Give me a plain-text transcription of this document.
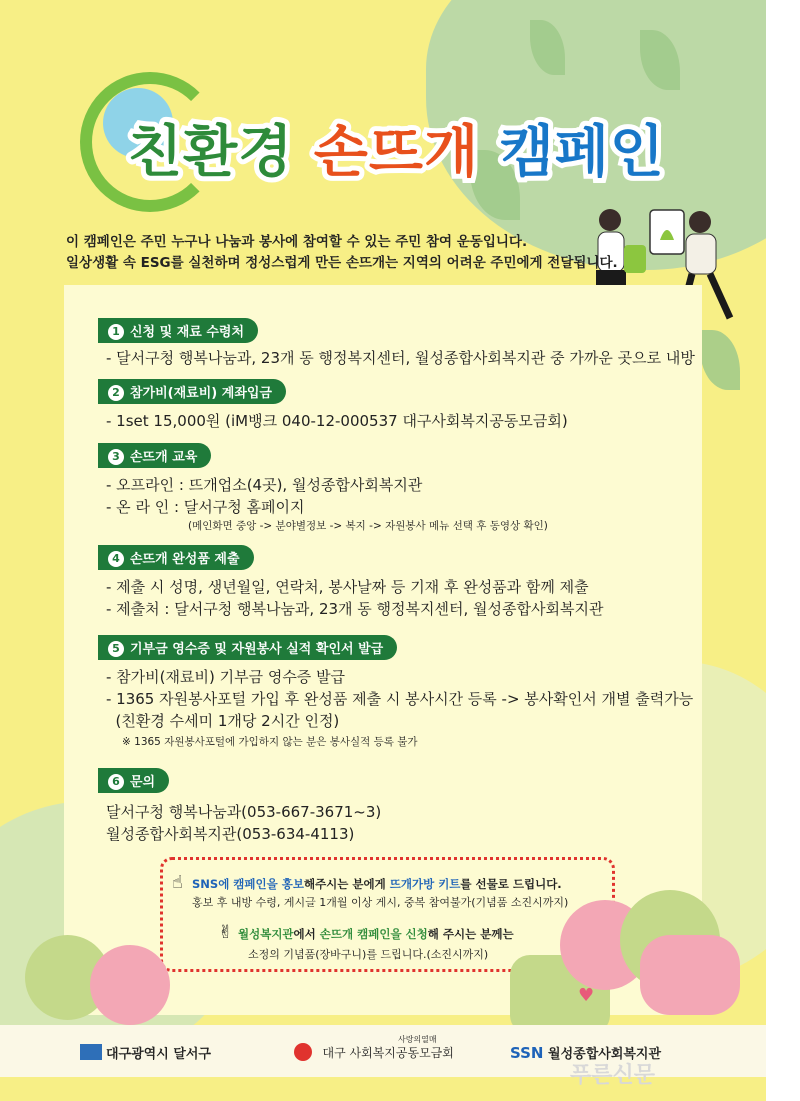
친환경 손뜨개 캠페인
이 캠페인은 주민 누구나 나눔과 봉사에 참여할 수 있는 주민 참여 운동입니다.
일상생활 속 ESG를 실천하며 정성스럽게 만든 손뜨개는 지역의 어려운 주민에게 전달됩니다.
1 신청 및 재료 수령처
- 달서구청 행복나눔과, 23개 동 행정복지센터, 월성종합사회복지관 중 가까운 곳으로 내방
2 참가비(재료비) 계좌입금
- 1set 15,000원 (iM뱅크 040-12-000537 대구사회복지공동모금회)
3 손뜨개 교육
- 오프라인 : 뜨개업소(4곳), 월성종합사회복지관
- 온 라 인 : 달서구청 홈페이지
(메인화면 중앙 -> 분야별정보 -> 복지 -> 자원봉사 메뉴 선택 후 동영상 확인)
4 손뜨개 완성품 제출
- 제출 시 성명, 생년월일, 연락처, 봉사날짜 등 기재 후 완성품과 함께 제출
- 제출처 : 달서구청 행복나눔과, 23개 동 행정복지센터, 월성종합사회복지관
5 기부금 영수증 및 자원봉사 실적 확인서 발급
- 참가비(재료비) 기부금 영수증 발급
- 1365 자원봉사포털 가입 후 완성품 제출 시 봉사시간 등록 -> 봉사확인서 개별 출력가능
(친환경 수세미 1개당 2시간 인정)
※ 1365 자원봉사포털에 가입하지 않는 분은 봉사실적 등록 불가
6 문의
달서구청 행복나눔과(053-667-3671~3)
월성종합사회복지관(053-634-4113)
☝ SNS에 캠페인을 홍보해주시는 분에게 뜨개가방 키트를 선물로 드립니다.
홍보 후 내방 수령, 게시글 1개월 이상 게시, 중복 참여불가(기념품 소진시까지)
✌ 월성복지관에서 손뜨개 캠페인을 신청해 주시는 분께는
소정의 기념품(장바구니)를 드립니다.(소진시까지)
♥
대구광역시 달서구

사랑의열매
대구 사회복지공동모금회	SSN 월성종합사회복지관
푸른신문
